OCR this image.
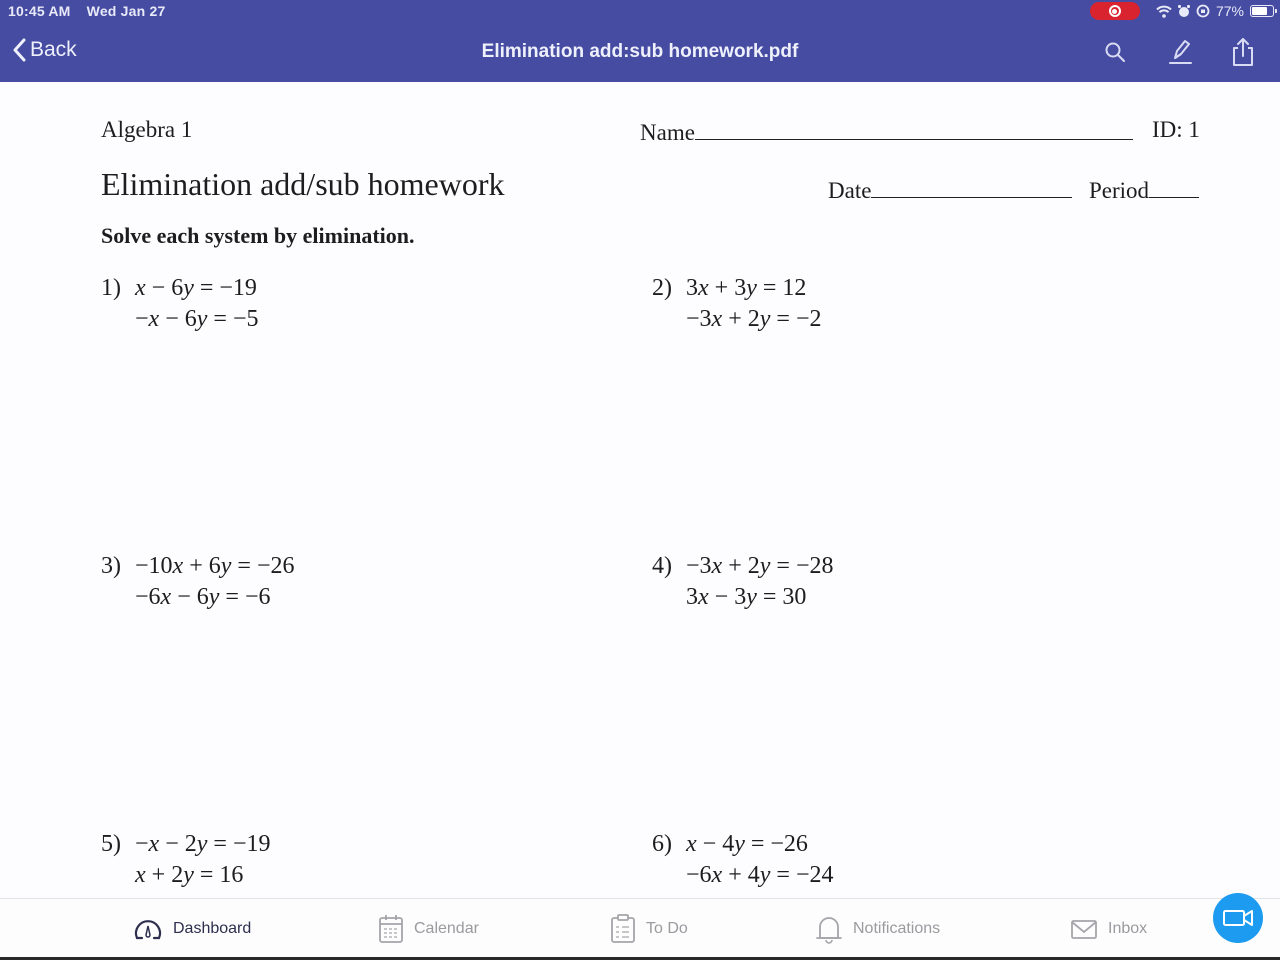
10:45 AM Wed Jan 27	77%
Back	Elimination add:sub homework.pdf
Algebra 1	Name	ID: 1
Elimination add/sub homework	Date	Period
Solve each system by elimination.
1) x − 6y = −19
−x − 6y = −5
2) 3x + 3y = 12
−3x + 2y = −2
3) −10x + 6y = −26
−6x − 6y = −6
4) −3x + 2y = −28
3x − 3y = 30
5) −x − 2y = −19
x + 2y = 16
6) x − 4y = −26
−6x + 4y = −24
Dashboard	Calendar	To Do	Notifications	Inbox
